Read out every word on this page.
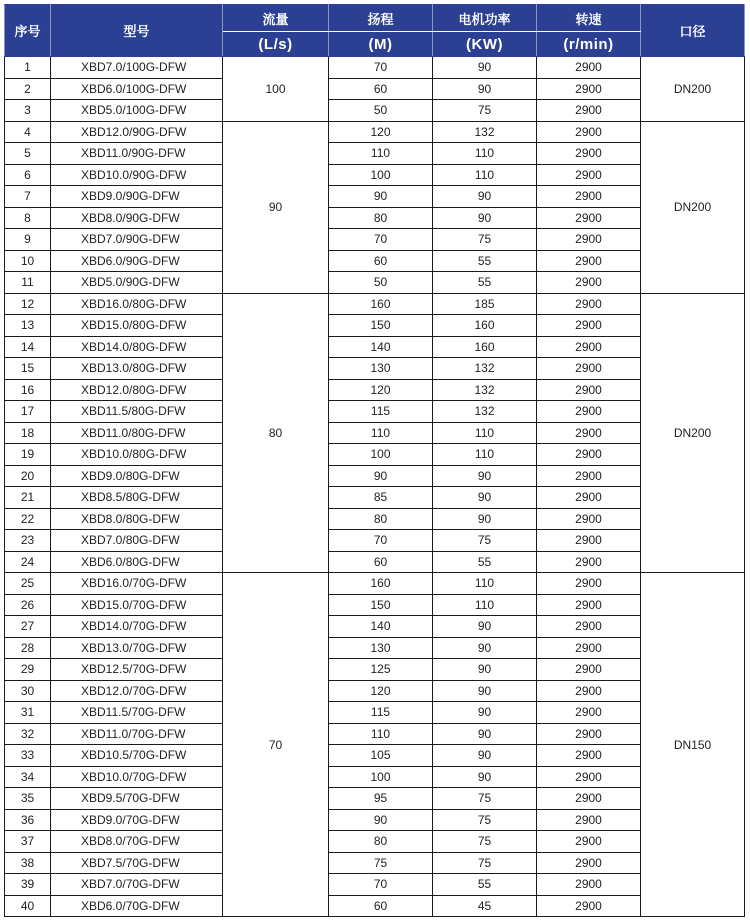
序号	型号	流量	扬程	电机功率	转速	口径
		(L/s)	(M)	(KW)	(r/min)	
1	XBD7.0/100G-DFW	100	70	90	2900	DN200
2	XBD6.0/100G-DFW		60	90	2900	
3	XBD5.0/100G-DFW		50	75	2900	
4	XBD12.0/90G-DFW	90	120	132	2900	DN200
5	XBD11.0/90G-DFW		110	110	2900	
6	XBD10.0/90G-DFW		100	110	2900	
7	XBD9.0/90G-DFW		90	90	2900	
8	XBD8.0/90G-DFW		80	90	2900	
9	XBD7.0/90G-DFW		70	75	2900	
10	XBD6.0/90G-DFW		60	55	2900	
11	XBD5.0/90G-DFW		50	55	2900	
12	XBD16.0/80G-DFW	80	160	185	2900	DN200
13	XBD15.0/80G-DFW		150	160	2900	
14	XBD14.0/80G-DFW		140	160	2900	
15	XBD13.0/80G-DFW		130	132	2900	
16	XBD12.0/80G-DFW		120	132	2900	
17	XBD11.5/80G-DFW		115	132	2900	
18	XBD11.0/80G-DFW		110	110	2900	
19	XBD10.0/80G-DFW		100	110	2900	
20	XBD9.0/80G-DFW		90	90	2900	
21	XBD8.5/80G-DFW		85	90	2900	
22	XBD8.0/80G-DFW		80	90	2900	
23	XBD7.0/80G-DFW		70	75	2900	
24	XBD6.0/80G-DFW		60	55	2900	
25	XBD16.0/70G-DFW	70	160	110	2900	DN150
26	XBD15.0/70G-DFW		150	110	2900	
27	XBD14.0/70G-DFW		140	90	2900	
28	XBD13.0/70G-DFW		130	90	2900	
29	XBD12.5/70G-DFW		125	90	2900	
30	XBD12.0/70G-DFW		120	90	2900	
31	XBD11.5/70G-DFW		115	90	2900	
32	XBD11.0/70G-DFW		110	90	2900	
33	XBD10.5/70G-DFW		105	90	2900	
34	XBD10.0/70G-DFW		100	90	2900	
35	XBD9.5/70G-DFW		95	75	2900	
36	XBD9.0/70G-DFW		90	75	2900	
37	XBD8.0/70G-DFW		80	75	2900	
38	XBD7.5/70G-DFW		75	75	2900	
39	XBD7.0/70G-DFW		70	55	2900	
40	XBD6.0/70G-DFW		60	45	2900	
